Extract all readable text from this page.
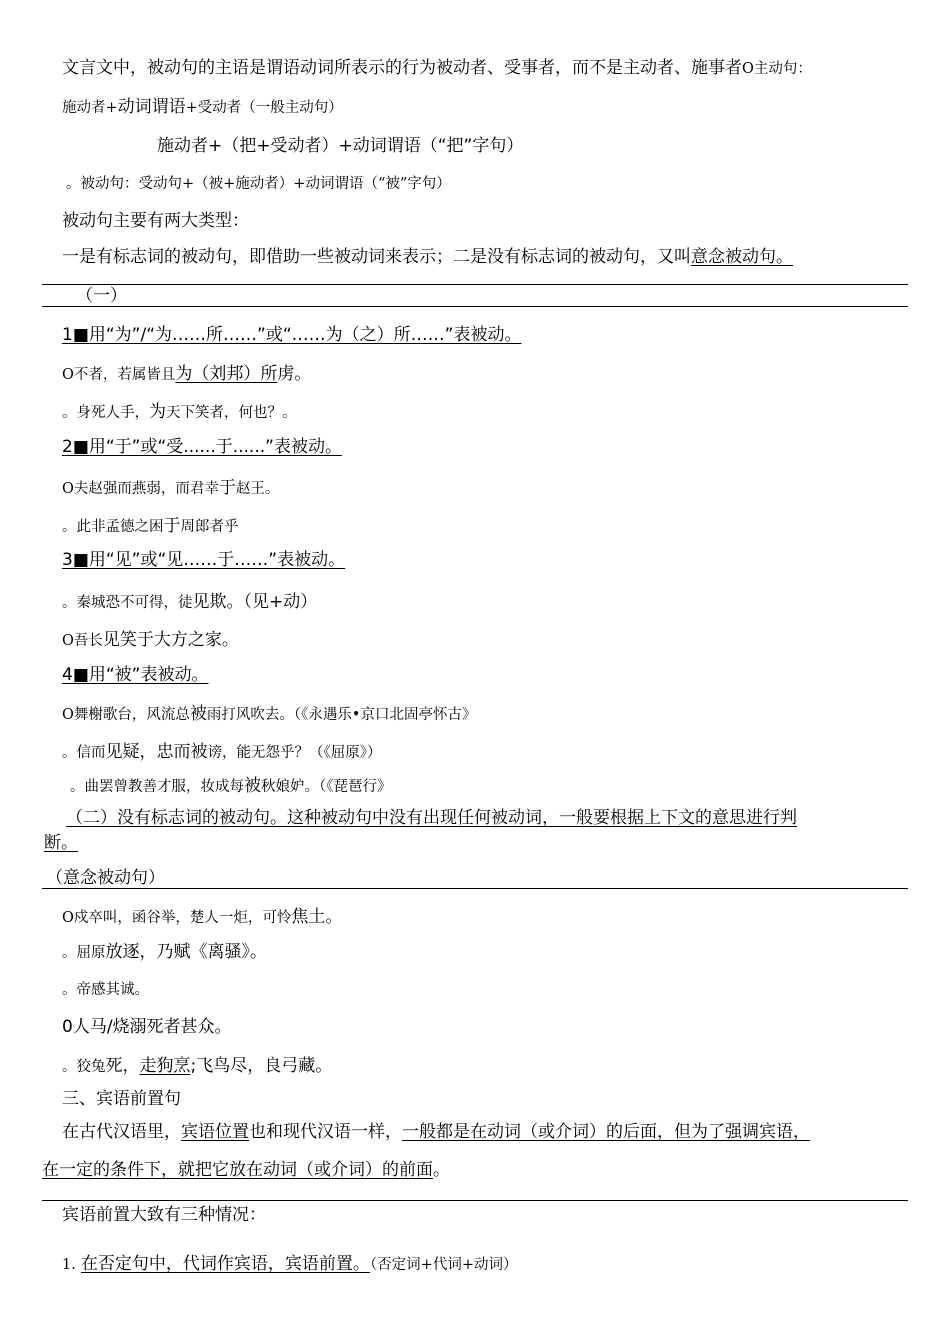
文言文中，被动句的主语是谓语动词所表示的行为被动者、受事者，而不是主动者、施事者O主动句：
施动者+动词谓语+受动者（一般主动句）
施动者+（把+受动者）+动词谓语（“把”字句）
。被动句：受动句+（被+施动者）+动词谓语（“被”字句）
被动句主要有两大类型：
一是有标志词的被动句，即借助一些被动词来表示；二是没有标志词的被动句，又叫意念被动句。
（一）
1■用“为”/“为……所……”或“……为（之）所……”表被动。
O不者，若属皆且为（刘邦）所虏。
。身死人手，为天下笑者，何也？。
2■用“于”或“受......于......”表被动。
O夫赵强而燕弱，而君幸于赵王。
。此非孟德之困于周郎者乎
3■用“见”或“见……于……”表被动。
。秦城恐不可得，徒见欺。（见+动）
O吾长见笑于大方之家。
4■用“被”表被动。
O舞榭歌台，风流总被雨打风吹去。（《永遇乐•京口北固亭怀古》
。信而见疑，忠而被谤，能无怨乎？（《屈原》）
。曲罢曾教善才服，妆成每被秋娘妒。（《琵琶行》
（二）没有标志词的被动句。这种被动句中没有出现任何被动词，一般要根据上下文的意思进行判
断。
（意念被动句）
O戍卒叫，函谷举，楚人一炬，可怜焦土。
。屈原放逐，乃赋《离骚》。
。帝感其诚。
0人马/烧溺死者甚众。
。狡兔死，走狗烹;飞鸟尽，良弓藏。
三、宾语前置句
在古代汉语里，宾语位置也和现代汉语一样，一般都是在动词（或介词）的后面，但为了强调宾语，
在一定的条件下，就把它放在动词（或介词）的前面。
宾语前置大致有三种情况：
1. 在否定句中，代词作宾语，宾语前置。（否定词+代词+动词）
